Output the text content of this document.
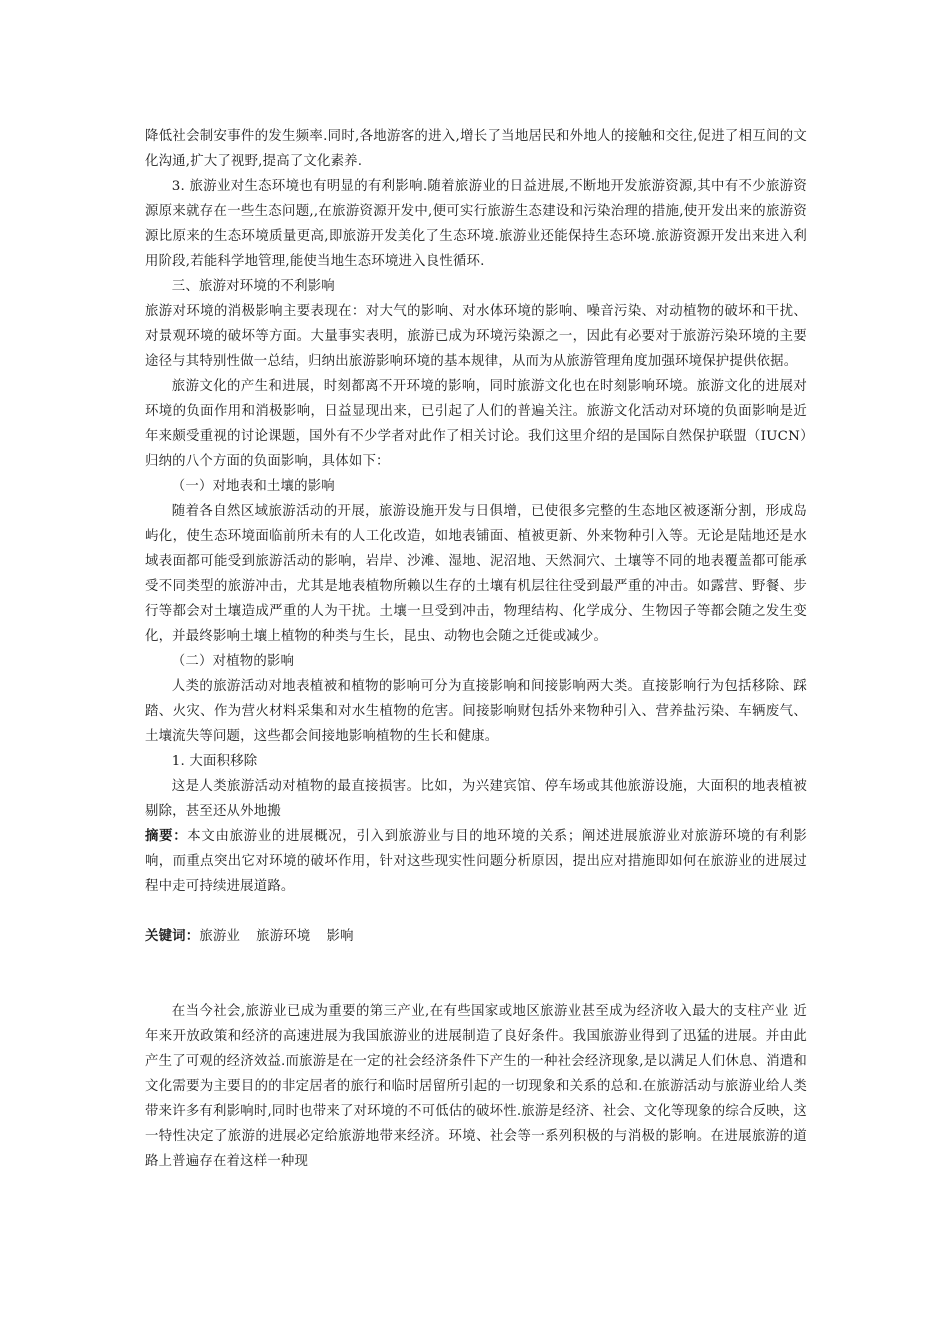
降低社会制安事件的发生频率.同时,各地游客的进入,增长了当地居民和外地人的接触和交往,促进了相互间的文化沟通,扩大了视野,提高了文化素养.

3. 旅游业对生态环境也有明显的有利影响.随着旅游业的日益进展,不断地开发旅游资源,其中有不少旅游资源原来就存在一些生态问题,,在旅游资源开发中,便可实行旅游生态建设和污染治理的措施,使开发出来的旅游资源比原来的生态环境质量更高,即旅游开发美化了生态环境.旅游业还能保持生态环境.旅游资源开发出来进入利用阶段,若能科学地管理,能使当地生态环境进入良性循环.

三、旅游对环境的不利影响

旅游对环境的消极影响主要表现在：对大气的影响、对水体环境的影响、噪音污染、对动植物的破坏和干扰、对景观环境的破坏等方面。大量事实表明，旅游已成为环境污染源之一，因此有必要对于旅游污染环境的主要途径与其特别性做一总结，归纳出旅游影响环境的基本规律，从而为从旅游管理角度加强环境保护提供依据。

旅游文化的产生和进展，时刻都离不开环境的影响，同时旅游文化也在时刻影响环境。旅游文化的进展对环境的负面作用和消极影响，日益显现出来，已引起了人们的普遍关注。旅游文化活动对环境的负面影响是近年来颇受重视的讨论课题，国外有不少学者对此作了相关讨论。我们这里介绍的是国际自然保护联盟（IUCN）归纳的八个方面的负面影响，具体如下：

（一）对地表和土壤的影响

随着各自然区域旅游活动的开展，旅游设施开发与日俱增，已使很多完整的生态地区被逐渐分割，形成岛屿化，使生态环境面临前所未有的人工化改造，如地表铺面、植被更新、外来物种引入等。无论是陆地还是水域表面都可能受到旅游活动的影响，岩岸、沙滩、湿地、泥沼地、天然洞穴、土壤等不同的地表覆盖都可能承受不同类型的旅游冲击，尤其是地表植物所赖以生存的土壤有机层往往受到最严重的冲击。如露营、野餐、步行等都会对土壤造成严重的人为干扰。土壤一旦受到冲击，物理结构、化学成分、生物因子等都会随之发生变化，并最终影响土壤上植物的种类与生长，昆虫、动物也会随之迁徙或减少。

（二）对植物的影响

人类的旅游活动对地表植被和植物的影响可分为直接影响和间接影响两大类。直接影响行为包括移除、踩踏、火灾、作为营火材料采集和对水生植物的危害。间接影响财包括外来物种引入、营养盐污染、车辆废气、土壤流失等问题，这些都会间接地影响植物的生长和健康。

1. 大面积移除

这是人类旅游活动对植物的最直接损害。比如，为兴建宾馆、停车场或其他旅游设施，大面积的地表植被剔除，甚至还从外地搬

摘要：本文由旅游业的进展概况，引入到旅游业与目的地环境的关系；阐述进展旅游业对旅游环境的有利影响，而重点突出它对环境的破坏作用，针对这些现实性问题分析原因，提出应对措施即如何在旅游业的进展过程中走可持续进展道路。

关键词：旅游业 旅游环境 影响

在当今社会,旅游业已成为重要的第三产业,在有些国家或地区旅游业甚至成为经济收入最大的支柱产业 近年来开放政策和经济的高速进展为我国旅游业的进展制造了良好条件。我国旅游业得到了迅猛的进展。并由此产生了可观的经济效益.而旅游是在一定的社会经济条件下产生的一种社会经济现象,是以满足人们休息、消遣和文化需要为主要目的的非定居者的旅行和临时居留所引起的一切现象和关系的总和.在旅游活动与旅游业给人类带来许多有利影响时,同时也带来了对环境的不可低估的破坏性.旅游是经济、社会、文化等现象的综合反映，这一特性决定了旅游的进展必定给旅游地带来经济。环境、社会等一系列积极的与消极的影响。在进展旅游的道路上普遍存在着这样一种现
